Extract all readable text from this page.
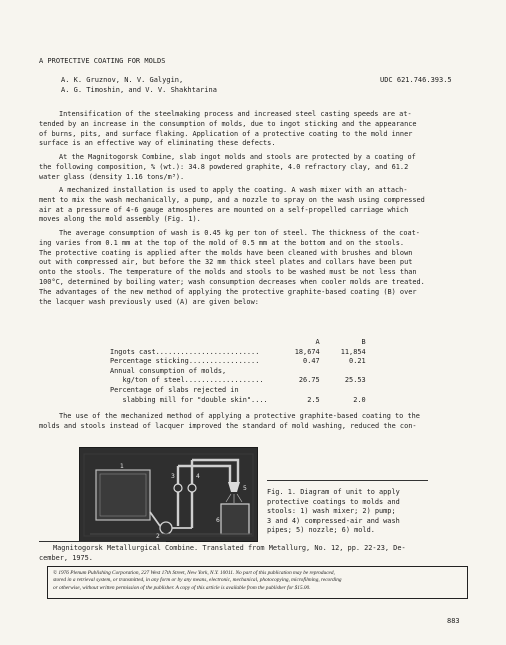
A PROTECTIVE COATING FOR MOLDS
A. K. Gruznov, N. V. Galygin,
A. G. Timoshin, and V. V. Shakhtarina
UDC 621.746.393.5
Intensification of the steelmaking process and increased steel casting speeds are at-
tended by an increase in the consumption of molds, due to ingot sticking and the appearance
of burns, pits, and surface flaking. Application of a protective coating to the mold inner
surface is an effective way of eliminating these defects.
At the Magnitogorsk Combine, slab ingot molds and stools are protected by a coating of
the following composition, % (wt.): 34.8 powdered graphite, 4.0 refractory clay, and 61.2
water glass (density 1.16 tons/m³).
A mechanized installation is used to apply the coating. A wash mixer with an attach-
ment to mix the wash mechanically, a pump, and a nozzle to spray on the wash using compressed
air at a pressure of 4-6 gauge atmospheres are mounted on a self-propelled carriage which
moves along the mold assembly (Fig. 1).
The average consumption of wash is 0.45 kg per ton of steel. The thickness of the coat-
ing varies from 0.1 mm at the top of the mold of 0.5 mm at the bottom and on the stools.
The protective coating is applied after the molds have been cleaned with brushes and blown
out with compressed air, but before the 32 mm thick steel plates and collars have been put
onto the stools. The temperature of the molds and stools to be washed must be not less than
100°C, determined by boiling water; wash consumption decreases when cooler molds are treated.
The advantages of the new method of applying the protective graphite-based coating (B) over
the lacquer wash previously used (A) are given below:
	A	B
Ingots cast.........................	18,674	11,854
Percentage sticking.................	0.47	0.21
Annual consumption of molds,		
kg/ton of steel...................	26.75	25.53
Percentage of slabs rejected in		
slabbing mill for "double skin"....	2.5	2.0
The use of the mechanized method of applying a protective graphite-based coating to the
molds and stools instead of lacquer improved the standard of mold washing, reduced the con-
1
2
3	4
5
6
Fig. 1. Diagram of unit to apply
protective coatings to molds and
stools: 1) wash mixer; 2) pump;
3 and 4) compressed-air and wash
pipes; 5) nozzle; 6) mold.
Magnitogorsk Metallurgical Combine. Translated from Metallurg, No. 12, pp. 22-23, De-
cember, 1975.
© 1976 Plenum Publishing Corporation, 227 West 17th Street, New York, N.Y. 10011. No part of this publication may be reproduced,
stored in a retrieval system, or transmitted, in any form or by any means, electronic, mechanical, photocopying, microfilming, recording
or otherwise, without written permission of the publisher. A copy of this article is available from the publisher for $15.00.
883
